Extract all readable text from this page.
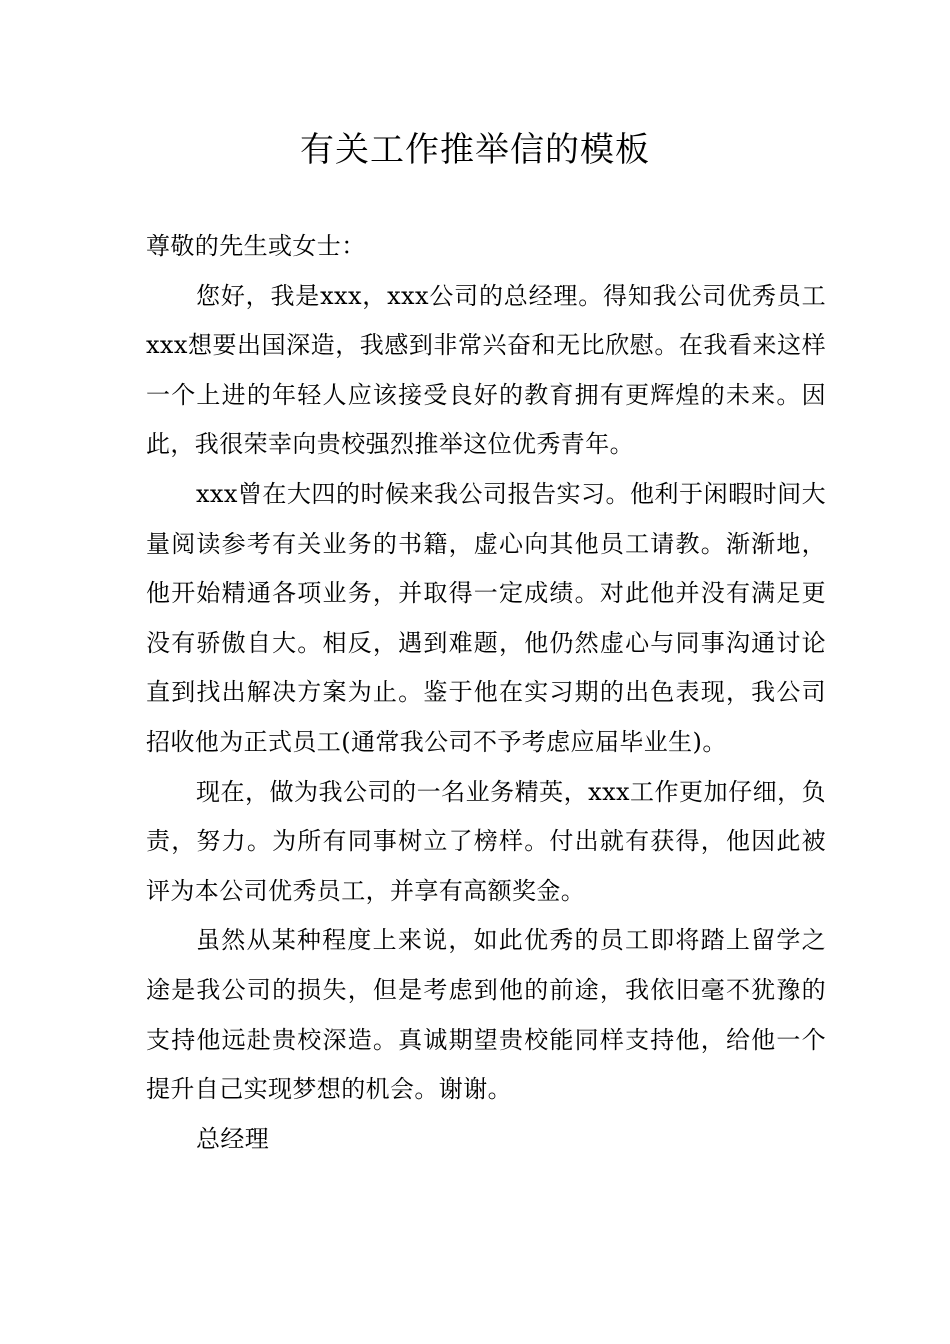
有关工作推举信的模板

尊敬的先生或女士：

您好，我是xxx，xxx公司的总经理。得知我公司优秀员工xxx想要出国深造，我感到非常兴奋和无比欣慰。在我看来这样一个上进的年轻人应该接受良好的教育拥有更辉煌的未来。因此，我很荣幸向贵校强烈推举这位优秀青年。

xxx曾在大四的时候来我公司报告实习。他利于闲暇时间大量阅读参考有关业务的书籍，虚心向其他员工请教。渐渐地，他开始精通各项业务，并取得一定成绩。对此他并没有满足更没有骄傲自大。相反，遇到难题，他仍然虚心与同事沟通讨论直到找出解决方案为止。鉴于他在实习期的出色表现，我公司招收他为正式员工(通常我公司不予考虑应届毕业生)。

现在，做为我公司的一名业务精英，xxx工作更加仔细，负责，努力。为所有同事树立了榜样。付出就有获得，他因此被评为本公司优秀员工，并享有高额奖金。

虽然从某种程度上来说，如此优秀的员工即将踏上留学之途是我公司的损失，但是考虑到他的前途，我依旧毫不犹豫的支持他远赴贵校深造。真诚期望贵校能同样支持他，给他一个提升自己实现梦想的机会。谢谢。

总经理
